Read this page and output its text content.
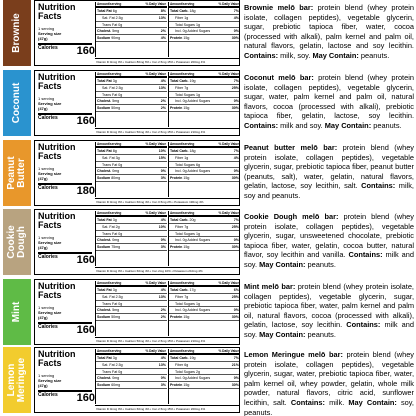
Brownie
Nutrition Facts
1 serving
Serving size
(47g)
Calories	160
Amount/serving	% Daily Value
Total Fat 6g	8%
Sat. Fat 2.5g	13%
Trans Fat 0g
Cholest. 5mg	2%
Sodium 90mg	4%
Amount/serving	% Daily Value
Total Carb. 18g	7%
Fiber 1g	4%
Total Sugars 1g
Incl. 0g Added Sugars	0%
Protein 15g	30%
Vitamin D 0mcg 0% • Calcium 80mg 6% • Iron 2.5mg 15% • Potassium 200mg 4%
Brownie melō bar: protein blend (whey protein isolate, collagen peptides), vegetable glycerin, sugar, prebiotic tapioca fiber, water, cocoa (processed with alkali), palm kernel and palm oil, natural flavors, gelatin, lactose and soy lecithin. Contains: milk, soy. May Contain: peanuts.
Coconut
Nutrition Facts
1 serving
Serving size
(47g)
Calories	160
Amount/serving	% Daily Value
Total Fat 3g	4%
Sat. Fat 2.5g	13%
Trans Fat 0g
Cholest. 5mg	2%
Sodium 50mg	2%
Amount/serving	% Daily Value
Total Carb. 19g	7%
Fiber 7g	25%
Total Sugars 1g
Incl. 0g Added Sugars	0%
Protein 15g	30%
Vitamin D 0mcg 0% • Calcium 50mg 4% • Iron 2.5mg 15% • Potassium 210mg 4%
Coconut melō bar: protein blend (whey protein isolate, collagen peptides), vegetable glycerin, sugar, water, palm kernel and palm oil, natural flavors, cocoa (processed with alkali), prebiotic tapioca fiber, gelatin, lactose, soy lecithin. Contains: milk and soy. May Contain: peanuts.
Peanut
Butter
Nutrition Facts
1 serving
Serving size
(47g)
Calories	180
Amount/serving	% Daily Value
Total Fat 8g	10%
Sat. Fat 3g	15%
Trans Fat 0g
Cholest. 0mg	0%
Sodium 80mg	3%
Amount/serving	% Daily Value
Total Carb. 18g	7%
Fiber 1g	4%
Total Sugars 6g
Incl. 0g Added Sugars	0%
Protein 15g	30%
Vitamin D 0mcg 0% • Calcium 60mg 4% • Iron 0.5mg 2% • Potassium 190mg 4%
Peanut butter melō bar: protein blend (whey protein isolate, collagen peptides), vegetable glycerin, sugar, prebiotic tapioca fiber, peanut butter (peanuts, salt), water, gelatin, natural flavors, gelatin, lactose, soy lecithin, salt. Contains: milk, soy and peanuts.
Cookie
Dough
Nutrition Facts
1 serving
Serving size
(47g)
Calories	160
Amount/serving	% Daily Value
Total Fat 3g	4%
Sat. Fat 2g	10%
Trans Fat 0g
Cholest. 0mg	0%
Sodium 75mg	3%
Amount/serving	% Daily Value
Total Carb. 20g	7%
Fiber 7g	25%
Total Sugars 1g
Incl. 0g Added Sugars	0%
Protein 15g	30%
Vitamin D 0mcg 0% • Calcium 60mg 4% • Iron 2mg 10% • Potassium 210mg 4%
Cookie Dough melō bar: protein blend (whey protein isolate, collagen peptides), vegetable glycerin, sugar, unsweetened chocolate, prebiotic tapioca fiber, water, gelatin, cocoa butter, natural flavor, soy lecithin and vanilla. Contains: milk and soy. May Contain: peanuts.
Mint
Nutrition Facts
1 serving
Serving size
(47g)
Calories	160
Amount/serving	% Daily Value
Total Fat 3g	4%
Sat. Fat 2.5g	13%
Trans Fat 0g
Cholest. 5mg	2%
Sodium 50mg	2%
Amount/serving	% Daily Value
Total Carb. 17g	6%
Fiber 7g	25%
Total Sugars 1g
Incl. 0g Added Sugars	0%
Protein 15g	30%
Vitamin D 0mcg 0% • Calcium 50mg 4% • Iron 2.5mg 15% • Potassium 210mg 4%
Mint melō bar: protein blend (whey protein isolate, collagen peptides), vegetable glycerin, sugar, prebiotic tapioca fiber, water, palm kernel and palm oil, natural flavors, cocoa (processed with alkali), gelatin, lactose, soy lecithin. Contains: milk and soy. May Contain: peanuts.
Lemon
Meringue
Nutrition Facts
1 serving
Serving size
(47g)
Calories	160
Amount/serving	% Daily Value
Total Fat 3g	4%
Sat. Fat 2.5g	13%
Trans Fat 0g
Cholest. 0mg	0%
Sodium 60mg	3%
Amount/serving	% Daily Value
Total Carb. 19g	7%
Fiber 6g	21%
Total Sugars 2g
Incl. 0g Added Sugars	0%
Protein 15g	30%
Vitamin D 0mcg 0% • Calcium 60mg 4% • Iron 2.5mg 15% • Potassium 200mg 4%
Lemon Meringue melō bar: protein blend (whey protein isolate, collagen peptides), vegetable glycerin, sugar, water, prebiotic tapioca fiber, water, palm kernel oil, whey powder, gelatin, whole milk powder, natural flavors, citric acid, sunflower lecithin, salt. Contains: milk. May Contain: soy, peanuts.
